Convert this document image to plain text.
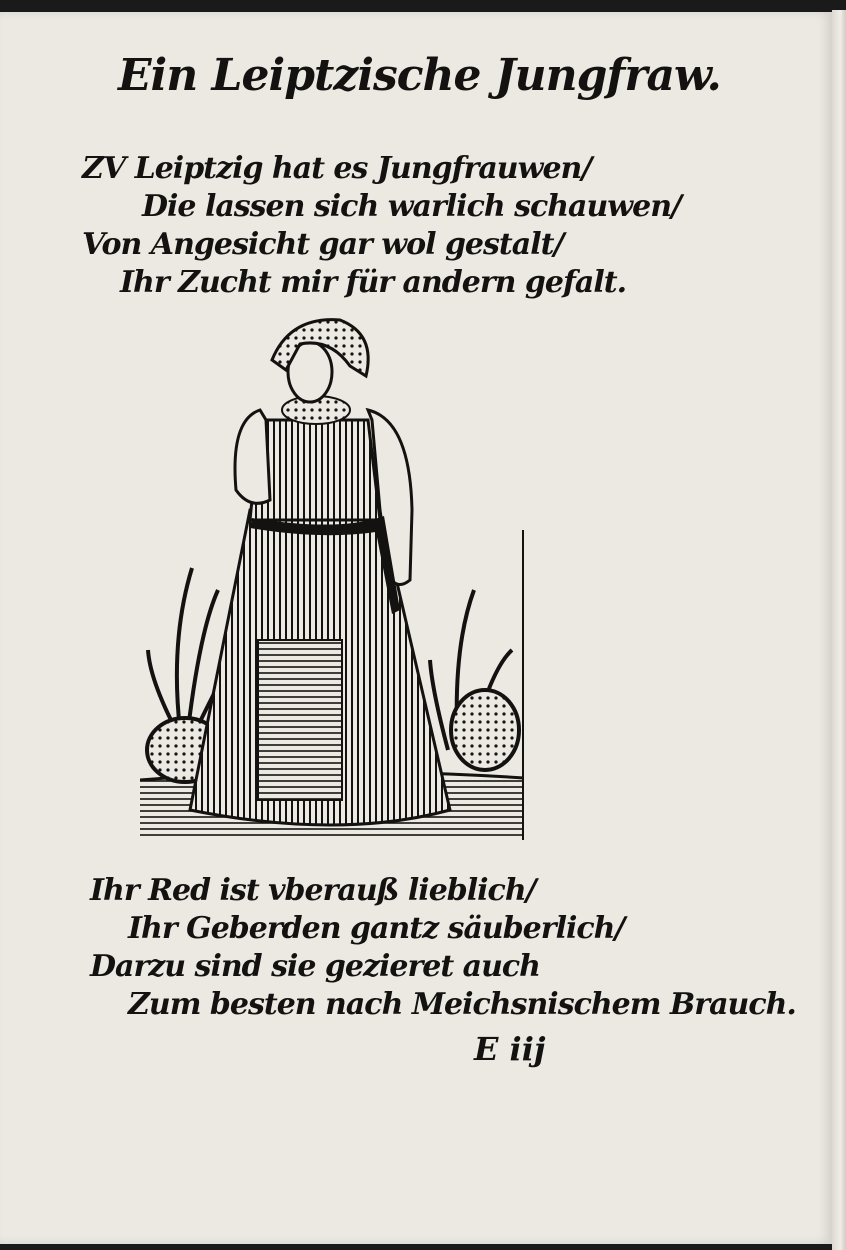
Ein Leiptzische Jungfraw.
ZV Leiptzig hat es Jungfrauwen/
Die lassen sich warlich schauwen/
Von Angesicht gar wol gestalt/
Ihr Zucht mir für andern gefalt.
Ihr Red ist vberauß lieblich/
Ihr Geberden gantz säuberlich/
Darzu sind sie gezieret auch
Zum besten nach Meichsnischem Brauch.
E iij
